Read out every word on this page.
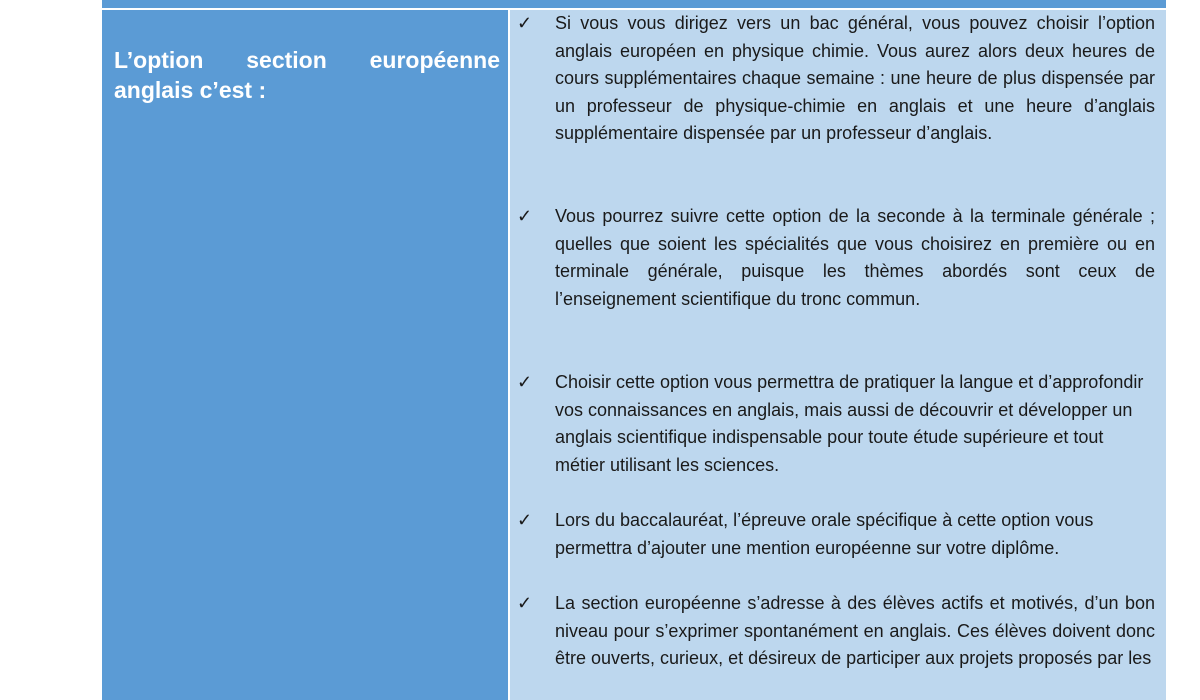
L’option section européenne
anglais c’est :

✓ Si vous vous dirigez vers un bac général, vous pouvez choisir l’option anglais européen en physique chimie. Vous aurez alors deux heures de cours supplémentaires chaque semaine : une heure de plus dispensée par un professeur de physique-chimie en anglais et une heure d’anglais supplémentaire dispensée par un professeur d’anglais.

✓ Vous pourrez suivre cette option de la seconde à la terminale générale ; quelles que soient les spécialités que vous choisirez en première ou en terminale générale, puisque les thèmes abordés sont ceux de l’enseignement scientifique du tronc commun.

✓ Choisir cette option vous permettra de pratiquer la langue et d’approfondir vos connaissances en anglais, mais aussi de découvrir et développer un anglais scientifique indispensable pour toute étude supérieure et tout métier utilisant les sciences.

✓ Lors du baccalauréat, l’épreuve orale spécifique à cette option vous permettra d’ajouter une mention européenne sur votre diplôme.

✓ La section européenne s’adresse à des élèves actifs et motivés, d’un bon niveau pour s’exprimer spontanément en anglais. Ces élèves doivent donc être ouverts, curieux, et désireux de participer aux projets proposés par les
